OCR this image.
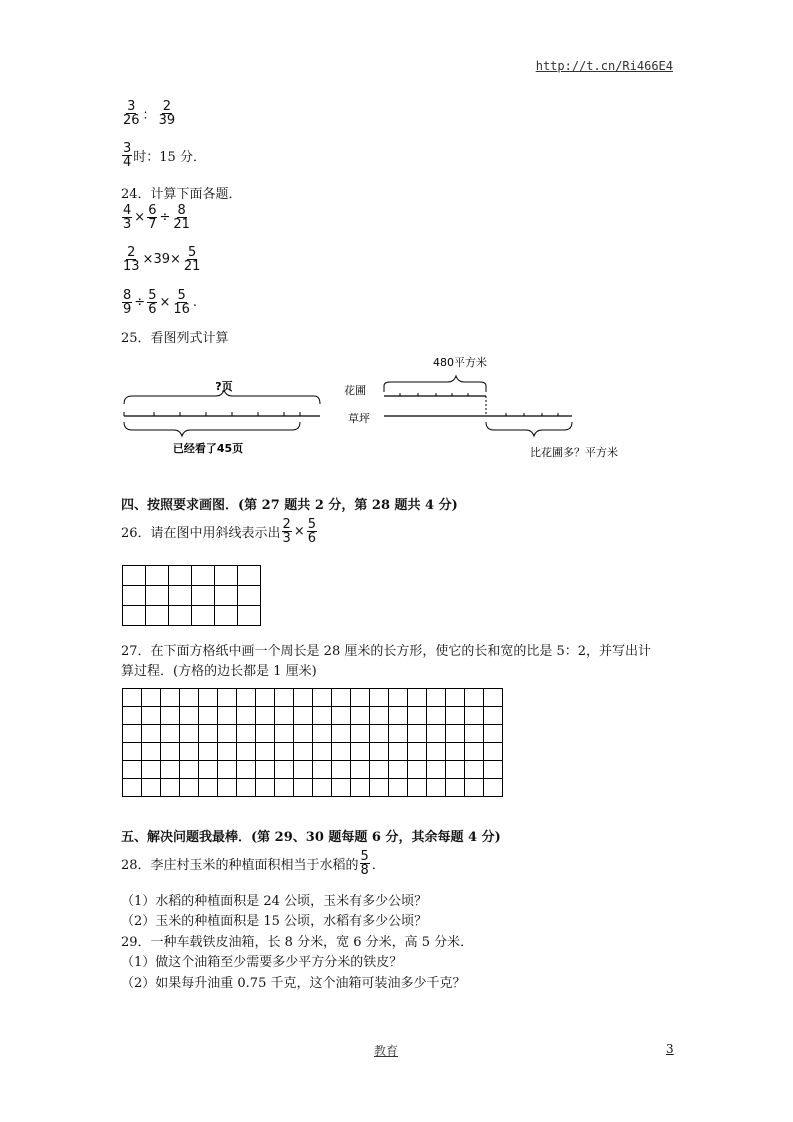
http://t.cn/Ri466E4
$\frac{3}{26}$ ： $\frac{2}{39}$
$\frac{3}{4}$ 时：15 分．
24．计算下面各题．
$\frac{4}{3} \times \frac{6}{7} \div \frac{8}{21}$
$\frac{2}{13} \times 39\times \frac{5}{21}$
$\frac{8}{9} \div \frac{5}{6} \times \frac{5}{16}$ .
25．看图列式计算
?页
已经看了45页
480平方米
花圃
草坪
比花圃多？平方米
四、按照要求画图．(第 27 题共 2 分，第 28 题共 4 分)
26．请在图中用斜线表示出 $\frac{2}{3} \times \frac{5}{6}$

27．在下面方格纸中画一个周长是 28 厘米的长方形，使它的长和宽的比是 5：2，并写出计
算过程．(方格的边长都是 1 厘米)

五、解决问题我最棒．(第 29、30 题每题 6 分，其余每题 4 分)
28．李庄村玉米的种植面积相当于水稻的 $\frac{5}{8}$ ．
（1）水稻的种植面积是 24 公顷，玉米有多少公顷？
（2）玉米的种植面积是 15 公顷，水稻有多少公顷？
29．一种车载铁皮油箱，长 8 分米，宽 6 分米，高 5 分米．
（1）做这个油箱至少需要多少平方分米的铁皮？
（2）如果每升油重 0.75 千克，这个油箱可装油多少千克？
教育	3
